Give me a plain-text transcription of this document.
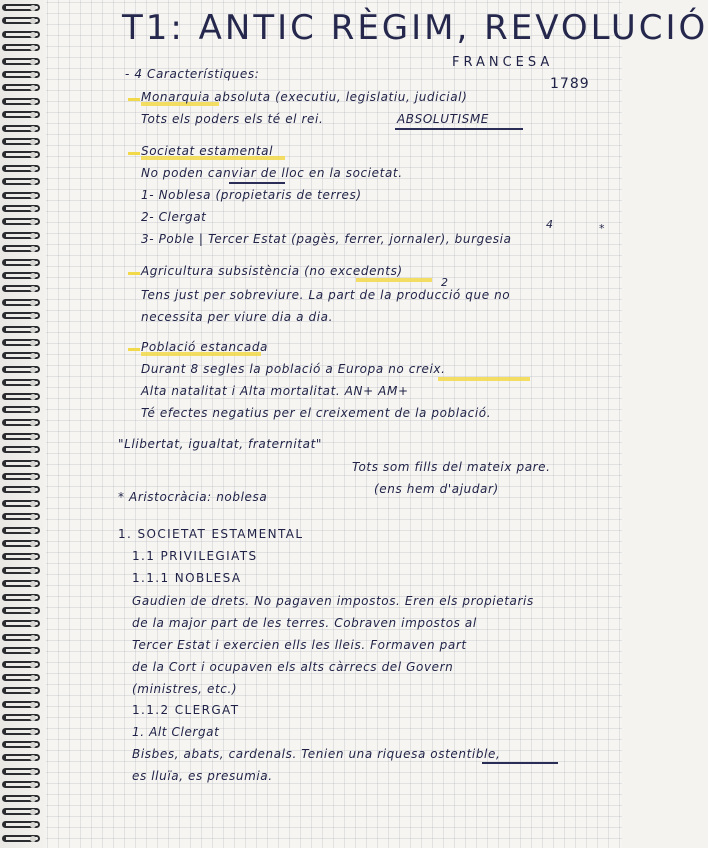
T1: ANTIC RÈGIM, REVOLUCIÓ
FRANCESA
1789
- 4 Característiques:
Monarquia absoluta (executiu, legislatiu, judicial)
Tots els poders els té el rei.	ABSOLUTISME
Societat estamental
No poden canviar de lloc en la societat.
1- Noblesa (propietaris de terres)
2- Clergat
3- Poble | Tercer Estat (pagès, ferrer, jornaler), burgesia
4	*
Agricultura subsistència (no excedents)
2
Tens just per sobreviure. La part de la producció que no
necessita per viure dia a dia.
Població estancada
Durant 8 segles la població a Europa no creix.
Alta natalitat i Alta mortalitat. AN+ AM+
Té efectes negatius per el creixement de la població.
"Llibertat, igualtat, fraternitat"
Tots som fills del mateix pare.
(ens hem d'ajudar)
* Aristocràcia: noblesa
1. SOCIETAT ESTAMENTAL
1.1 PRIVILEGIATS
1.1.1 NOBLESA
Gaudien de drets. No pagaven impostos. Eren els propietaris
de la major part de les terres. Cobraven impostos al
Tercer Estat i exercien ells les lleis. Formaven part
de la Cort i ocupaven els alts càrrecs del Govern
(ministres, etc.)
1.1.2 CLERGAT
1. Alt Clergat
Bisbes, abats, cardenals. Tenien una riquesa ostentible,
es lluïa, es presumia.
